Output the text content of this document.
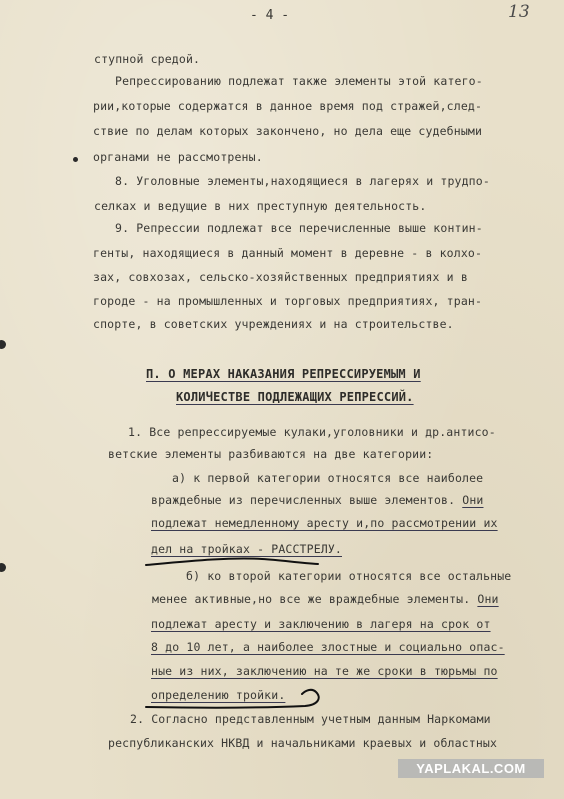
- 4 -	13
ступной средой.
Репрессированию подлежат также элементы этой катего-
рии,которые содержатся в данное время под стражей,след-
ствие по делам которых закончено, но дела еще судебными
органами не рассмотрены.
8. Уголовные элементы,находящиеся в лагерях и трудпо-
селках и ведущие в них преступную деятельность.
9. Репрессии подлежат все перечисленные выше контин-
генты, находящиеся в данный момент в деревне - в колхо-
зах, совхозах, сельско-хозяйственных предприятиях и в
городе - на промышленных и торговых предприятиях, тран-
спорте, в советских учреждениях и на строительстве.
П. О МЕРАХ НАКАЗАНИЯ РЕПРЕССИРУЕМЫМ И
КОЛИЧЕСТВЕ ПОДЛЕЖАЩИХ РЕПРЕССИЙ.
1. Все репрессируемые кулаки,уголовники и др.антисо-
ветские элементы разбиваются на две категории:
а) к первой категории относятся все наиболее
враждебные из перечисленных выше элементов. Они
подлежат немедленному аресту и,по рассмотрении их
дел на тройках - РАССТРЕЛУ.
б) ко второй категории относятся все остальные
менее активные,но все же враждебные элементы. Они
подлежат аресту и заключению в лагеря на срок от
8 до 10 лет, а наиболее злостные и социально опас-
ные из них, заключению на те же сроки в тюрьмы по
определению тройки.
2. Согласно представленным учетным данным Наркомами
республиканских НКВД и начальниками краевых и областных
YAPLAKAL.COM
